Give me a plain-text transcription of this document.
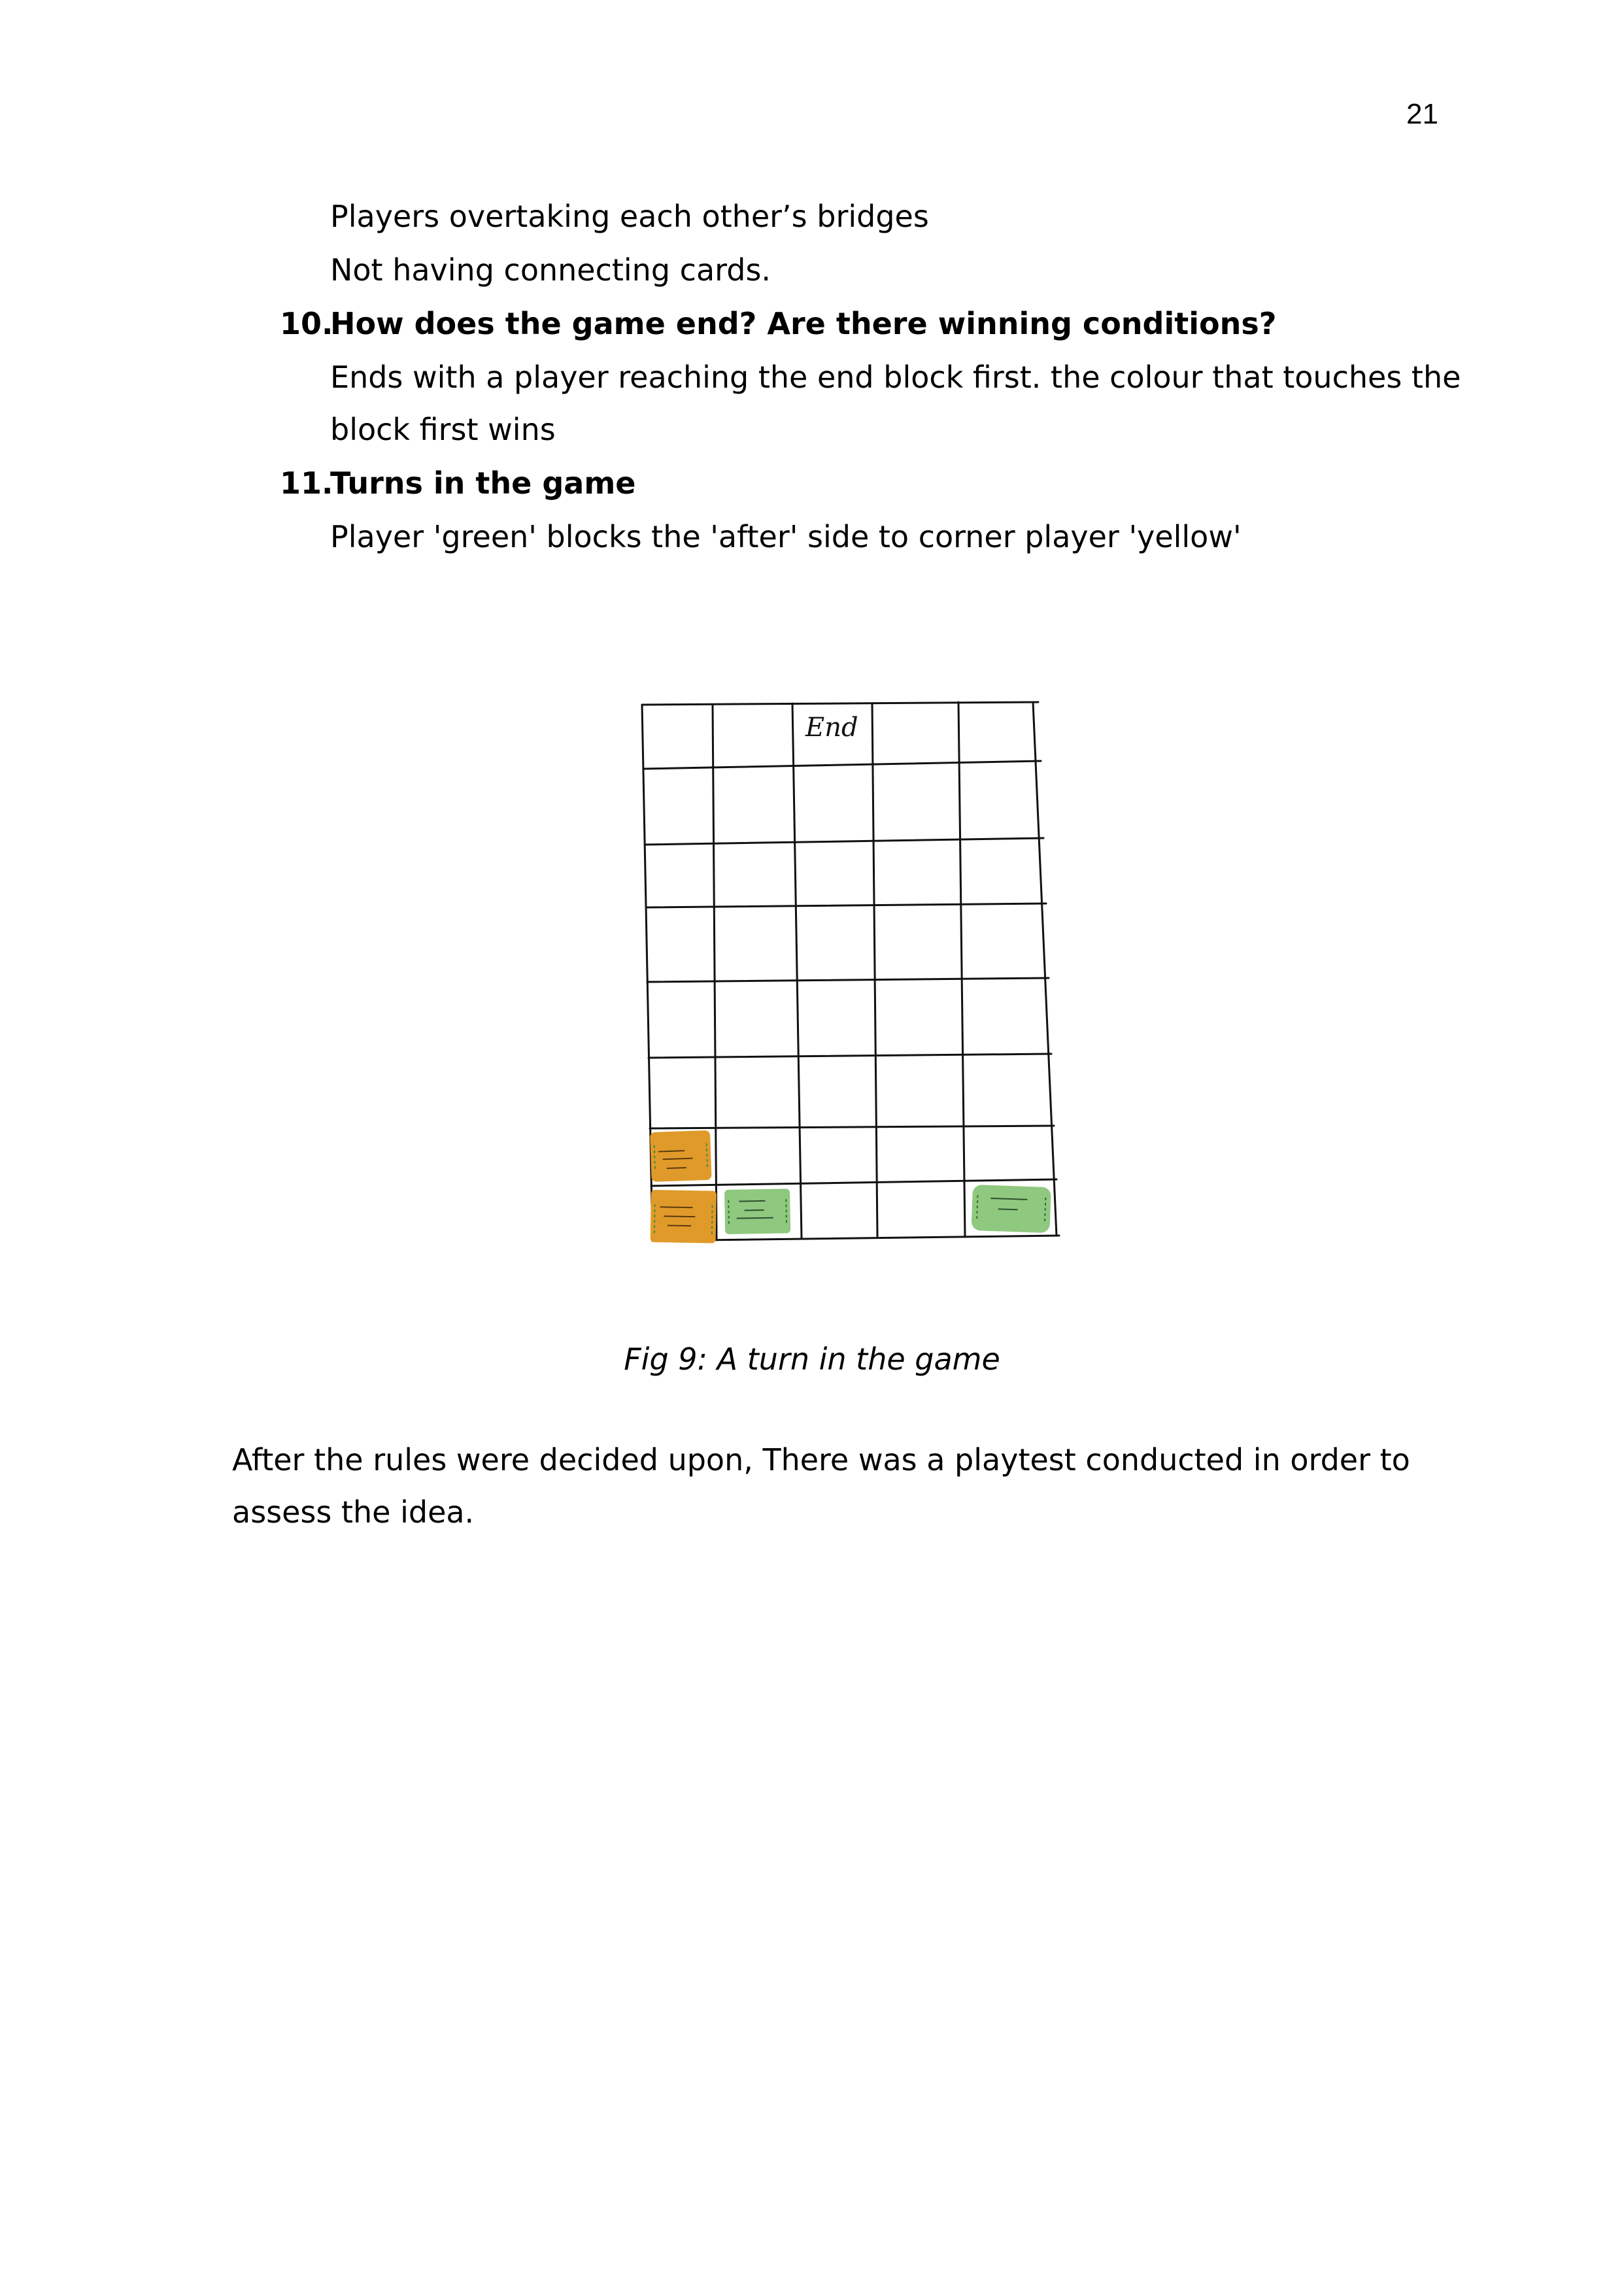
21
Players overtaking each other’s bridges
Not having connecting cards.
10.
How does the game end? Are there winning conditions?
Ends with a player reaching the end block first. the colour that touches the
block first wins
11.
Turns in the game
Player 'green' blocks the 'after' side to corner player 'yellow'
End
Fig 9: A turn in the game
After the rules were decided upon, There was a playtest conducted in order to
assess the idea.
